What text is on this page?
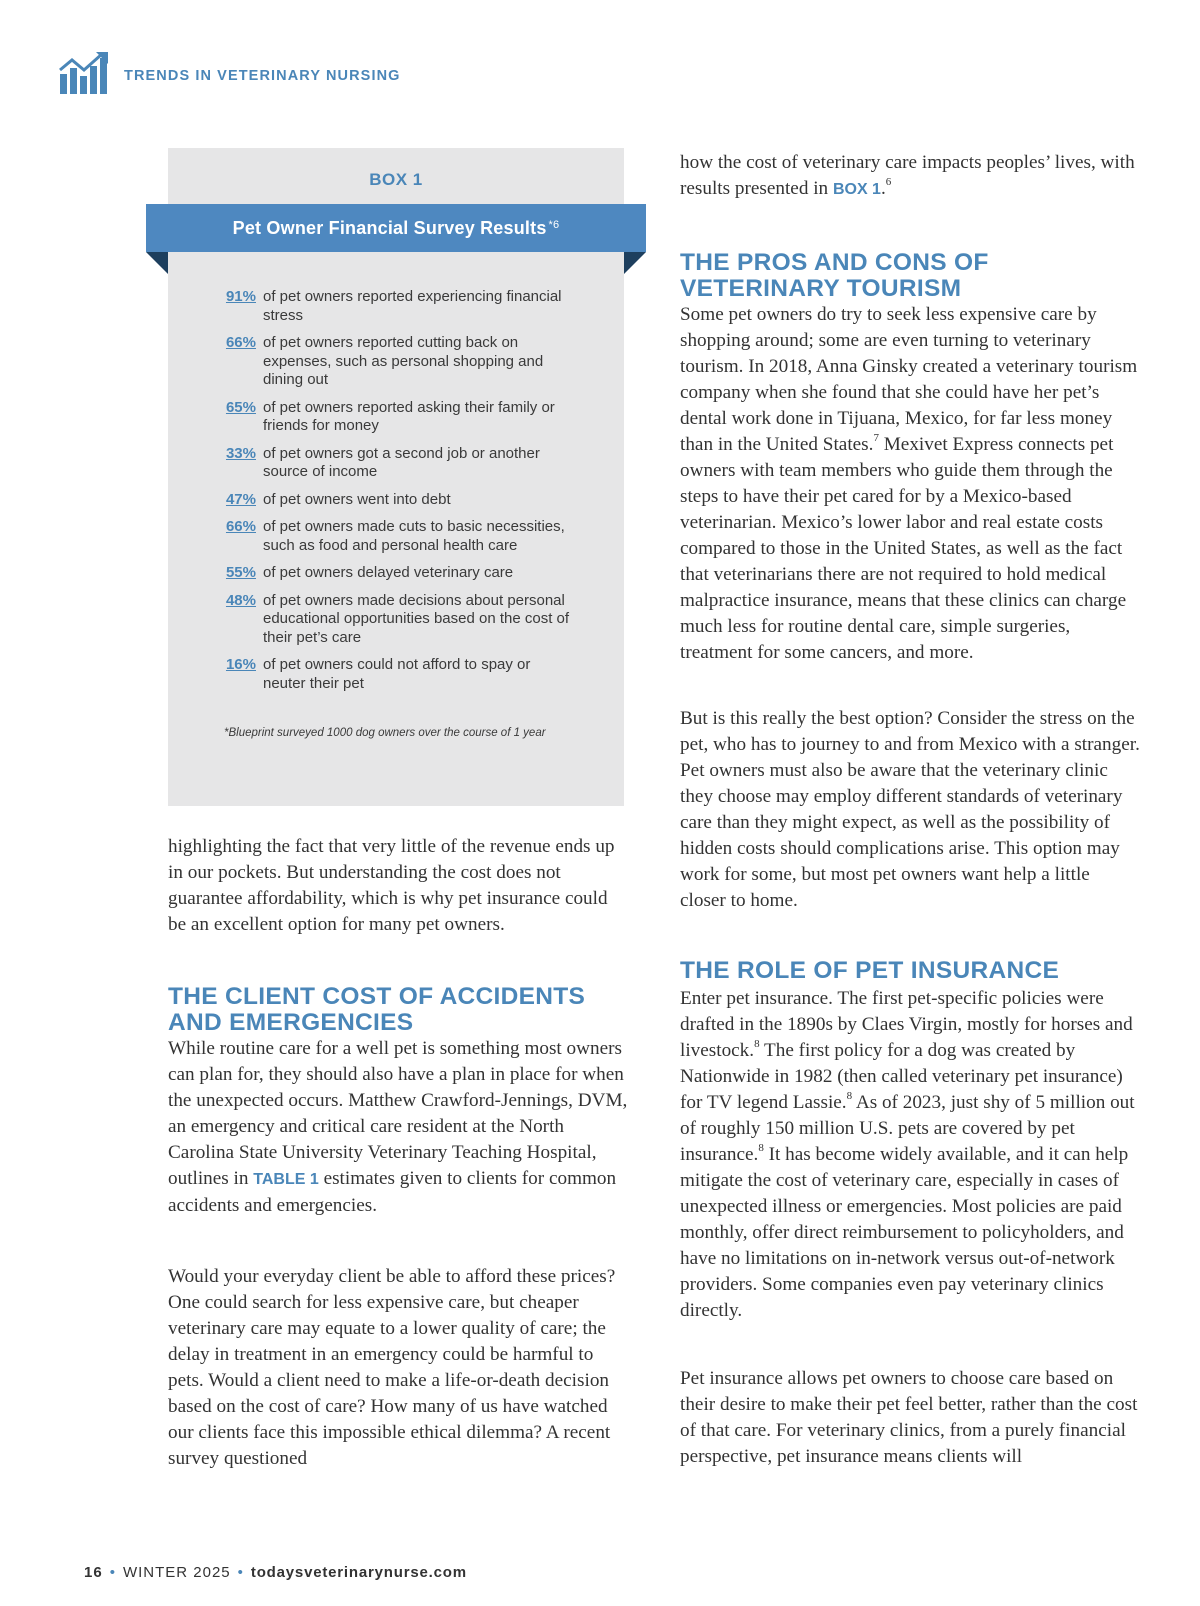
TRENDS IN VETERINARY NURSING
BOX 1
91% of pet owners reported experiencing financial stress
66% of pet owners reported cutting back on expenses, such as personal shopping and dining out
65% of pet owners reported asking their family or friends for money
33% of pet owners got a second job or another source of income
47% of pet owners went into debt
66% of pet owners made cuts to basic necessities, such as food and personal health care
55% of pet owners delayed veterinary care
48% of pet owners made decisions about personal educational opportunities based on the cost of their pet’s care
16% of pet owners could not afford to spay or neuter their pet
*Blueprint surveyed 1000 dog owners over the course of 1 year
Pet Owner Financial Survey Results$^{*6}$

highlighting the fact that very little of the revenue ends up in our pockets. But understanding the cost does not guarantee affordability, which is why pet insurance could be an excellent option for many pet owners.

THE CLIENT COST OF ACCIDENTS
AND EMERGENCIES

While routine care for a well pet is something most owners can plan for, they should also have a plan in place for when the unexpected occurs. Matthew Crawford-Jennings, DVM, an emergency and critical care resident at the North Carolina State University Veterinary Teaching Hospital, outlines in TABLE 1 estimates given to clients for common accidents and emergencies.

Would your everyday client be able to afford these prices? One could search for less expensive care, but cheaper veterinary care may equate to a lower quality of care; the delay in treatment in an emergency could be harmful to pets. Would a client need to make a life-or-death decision based on the cost of care? How many of us have watched our clients face this impossible ethical dilemma? A recent survey questioned

how the cost of veterinary care impacts peoples’ lives, with results presented in BOX 1.$^6$

THE PROS AND CONS OF
VETERINARY TOURISM

Some pet owners do try to seek less expensive care by shopping around; some are even turning to veterinary tourism. In 2018, Anna Ginsky created a veterinary tourism company when she found that she could have her pet’s dental work done in Tijuana, Mexico, for far less money than in the United States.$^7$ Mexivet Express connects pet owners with team members who guide them through the steps to have their pet cared for by a Mexico-based veterinarian. Mexico’s lower labor and real estate costs compared to those in the United States, as well as the fact that veterinarians there are not required to hold medical malpractice insurance, means that these clinics can charge much less for routine dental care, simple surgeries, treatment for some cancers, and more.

But is this really the best option? Consider the stress on the pet, who has to journey to and from Mexico with a stranger. Pet owners must also be aware that the veterinary clinic they choose may employ different standards of veterinary care than they might expect, as well as the possibility of hidden costs should complications arise. This option may work for some, but most pet owners want help a little closer to home.

THE ROLE OF PET INSURANCE

Enter pet insurance. The first pet-specific policies were drafted in the 1890s by Claes Virgin, mostly for horses and livestock.$^8$ The first policy for a dog was created by Nationwide in 1982 (then called veterinary pet insurance) for TV legend Lassie.$^8$ As of 2023, just shy of 5 million out of roughly 150 million U.S. pets are covered by pet insurance.$^8$ It has become widely available, and it can help mitigate the cost of veterinary care, especially in cases of unexpected illness or emergencies. Most policies are paid monthly, offer direct reimbursement to policyholders, and have no limitations on in-network versus out-of-network providers. Some companies even pay veterinary clinics directly.

Pet insurance allows pet owners to choose care based on their desire to make their pet feel better, rather than the cost of that care. For veterinary clinics, from a purely financial perspective, pet insurance means clients will

16 • WINTER 2025 • todaysveterinarynurse.com
